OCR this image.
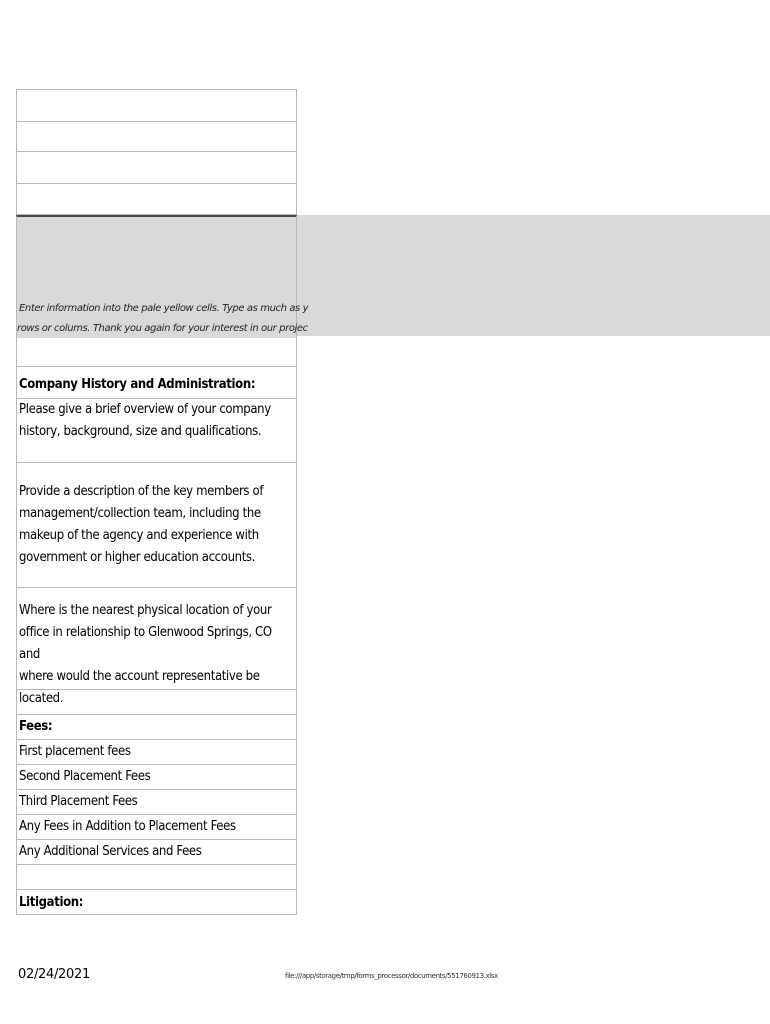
Enter information into the pale yellow cells. Type as much as y
rows or colums. Thank you again for your interest in our projec
Company History and Administration:
Please give a brief overview of your company
history, background, size and qualifications.
Provide a description of the key members of
management/collection team, including the
makeup of the agency and experience with
government or higher education accounts.
Where is the nearest physical location of your
office in relationship to Glenwood Springs, CO and
where would the account representative be
located.
Fees:
First placement fees
Second Placement Fees
Third Placement Fees
Any Fees in Addition to Placement Fees
Any Additional Services and Fees
Litigation:
02/24/2021	file:///app/storage/tmp/forms_processor/documents/551760913.xlsx
